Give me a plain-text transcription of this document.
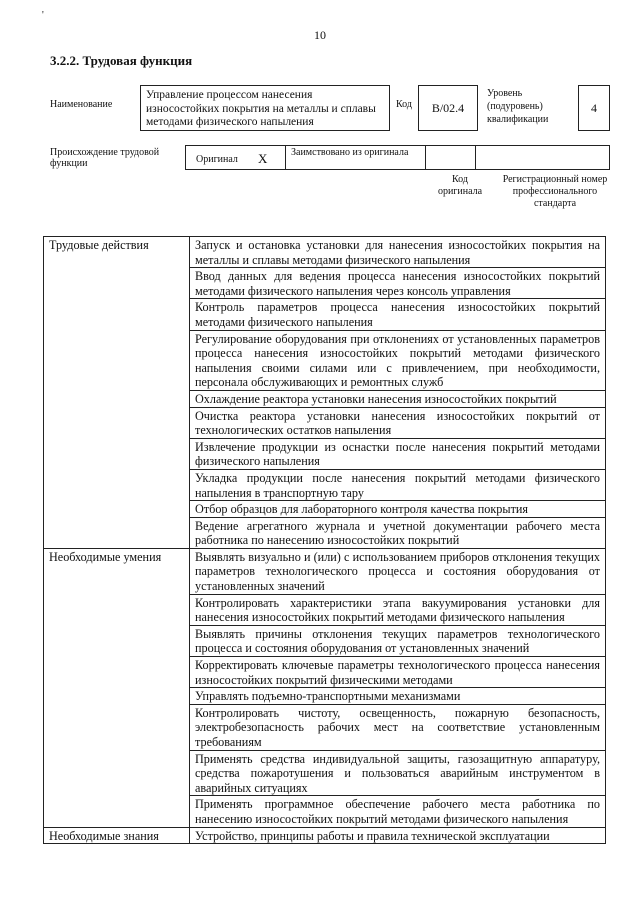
'
10
3.2.2. Трудовая функция
Наименование
Управление процессом нанесения износостойких покрытия на металлы и сплавы методами физического напыления
Код	B/02.4
Уровень (подуровень) квалификации
4
Происхождение трудовой функции	Оригинал X	Заимствовано из оригинала
Код оригинала
Регистрационный номер профессионального стандарта
Трудовые действия	Запуск и остановка установки для нанесения износостойких покрытия на металлы и сплавы методами физического напыления
	Ввод данных для ведения процесса нанесения износостойких покрытий методами физического напыления через консоль управления
	Контроль параметров процесса нанесения износостойких покрытий методами физического напыления
	Регулирование оборудования при отклонениях от установленных параметров процесса нанесения износостойких покрытий методами физического напыления своими силами или с привлечением, при необходимости, персонала обслуживающих и ремонтных служб
	Охлаждение реактора установки нанесения износостойких покрытий
	Очистка реактора установки нанесения износостойких покрытий от технологических остатков напыления
	Извлечение продукции из оснастки после нанесения покрытий методами физического напыления
	Укладка продукции после нанесения покрытий методами физического напыления в транспортную тару
	Отбор образцов для лабораторного контроля качества покрытия
	Ведение агрегатного журнала и учетной документации рабочего места работника по нанесению износостойких покрытий
Необходимые умения	Выявлять визуально и (или) с использованием приборов отклонения текущих параметров технологического процесса и состояния оборудования от установленных значений
	Контролировать характеристики этапа вакуумирования установки для нанесения износостойких покрытий методами физического напыления
	Выявлять причины отклонения текущих параметров технологического процесса и состояния оборудования от установленных значений
	Корректировать ключевые параметры технологического процесса нанесения износостойких покрытий физическими методами
	Управлять подъемно-транспортными механизмами
	Контролировать чистоту, освещенность, пожарную безопасность, электробезопасность рабочих мест на соответствие установленным требованиям
	Применять средства индивидуальной защиты, газозащитную аппаратуру, средства пожаротушения и пользоваться аварийным инструментом в аварийных ситуациях
	Применять программное обеспечение рабочего места работника по нанесению износостойких покрытий методами физического напыления
Необходимые знания	Устройство, принципы работы и правила технической эксплуатации
